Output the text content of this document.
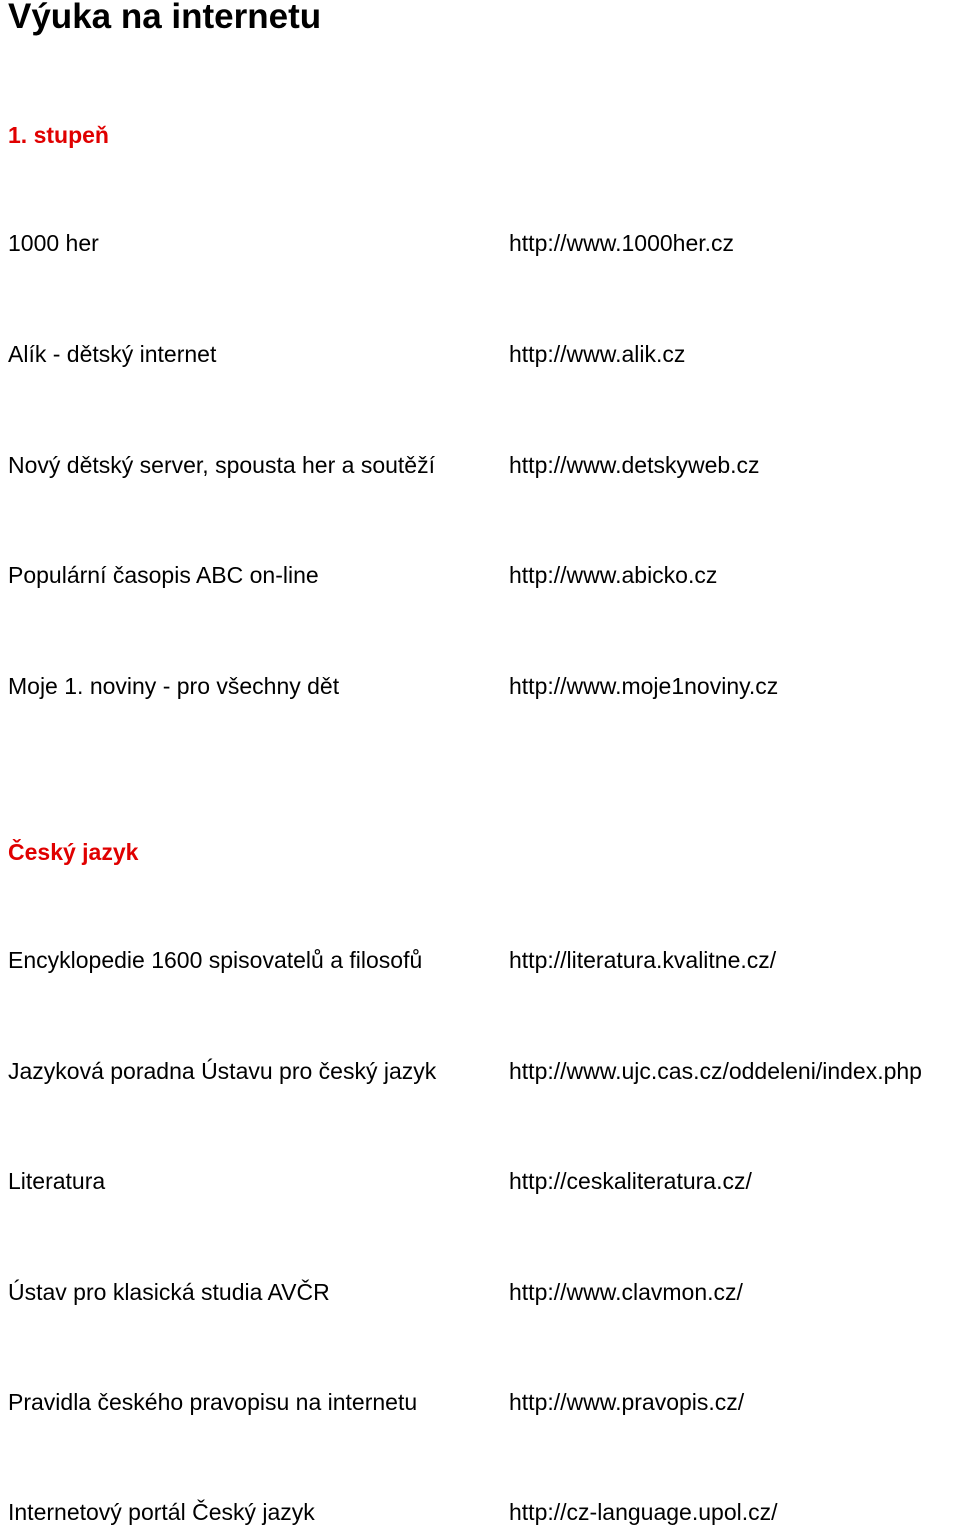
Výuka na internetu
1. stupeň
1000 her	http://www.1000her.cz
Alík - dětský internet	http://www.alik.cz
Nový dětský server, spousta her a soutěží	http://www.detskyweb.cz
Populární časopis ABC on-line	http://www.abicko.cz
Moje 1. noviny - pro všechny dět	http://www.moje1noviny.cz
Český jazyk
Encyklopedie 1600 spisovatelů a filosofů	http://literatura.kvalitne.cz/
Jazyková poradna Ústavu pro český jazyk	http://www.ujc.cas.cz/oddeleni/index.php
Literatura	http://ceskaliteratura.cz/
Ústav pro klasická studia AVČR	http://www.clavmon.cz/
Pravidla českého pravopisu na internetu	http://www.pravopis.cz/
Internetový portál Český jazyk	http://cz-language.upol.cz/
